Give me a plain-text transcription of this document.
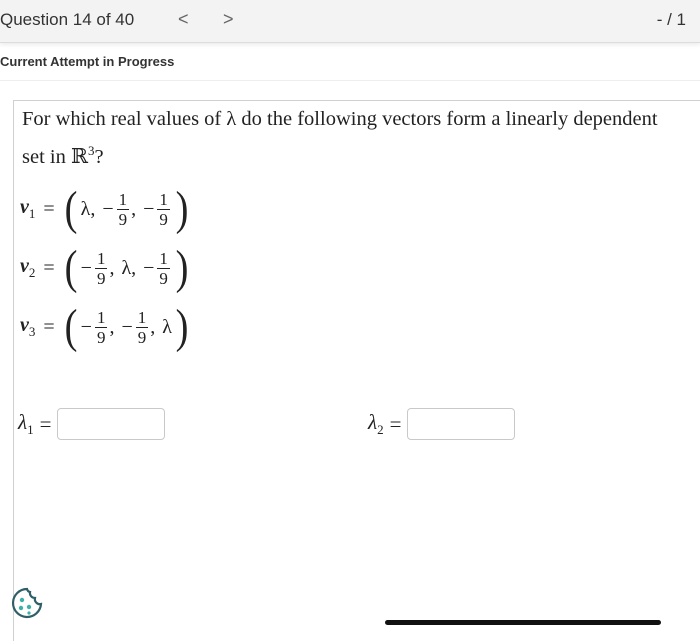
Question 14 of 40 < >	- / 1
Current Attempt in Progress
For which real values of λ do the following vectors form a linearly dependent set in ℝ$^3$?
$v_1$ = ( λ , − $\frac{1}{9}$ , − $\frac{1}{9}$ )
$v_2$ = ( − $\frac{1}{9}$ , λ , − $\frac{1}{9}$ )
$v_3$ = ( − $\frac{1}{9}$ , − $\frac{1}{9}$ , λ )
$\lambda_1$ =	$\lambda_2$ =
